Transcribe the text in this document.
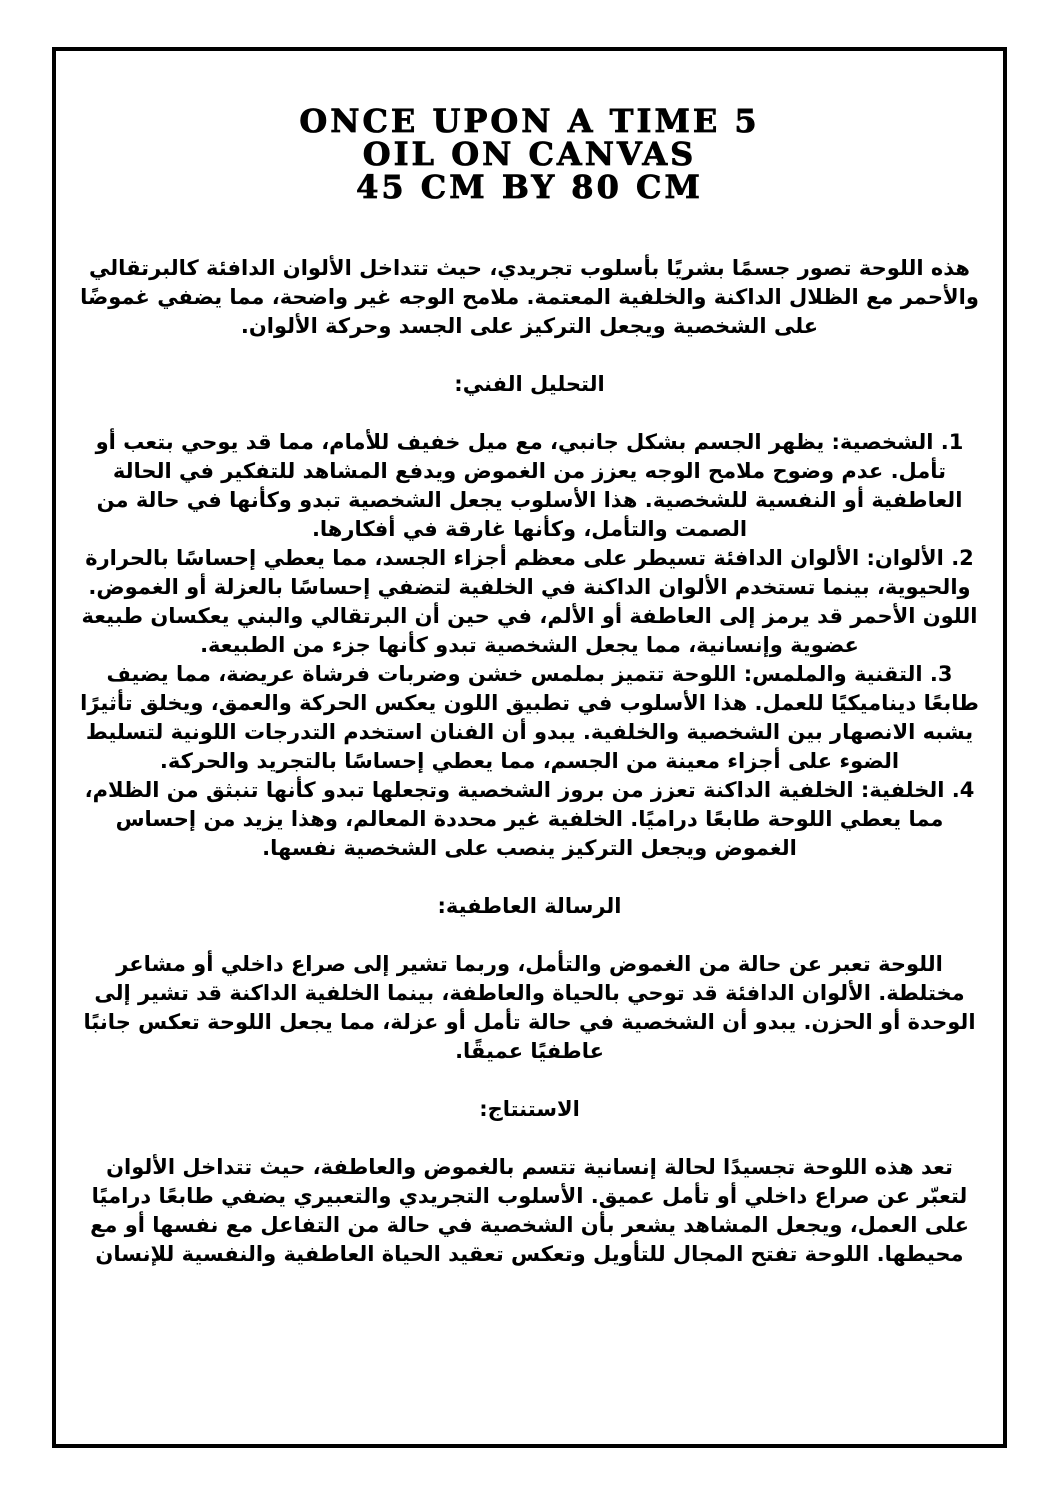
ONCE UPON A TIME 5
OIL ON CANVAS
45 CM BY 80 CM

هذه اللوحة تصور جسمًا بشريًا بأسلوب تجريدي، حيث تتداخل الألوان الدافئة كالبرتقالي والأحمر مع الظلال الداكنة والخلفية المعتمة. ملامح الوجه غير واضحة، مما يضفي غموضًا على الشخصية ويجعل التركيز على الجسد وحركة الألوان.

التحليل الفني:

1. الشخصية: يظهر الجسم بشكل جانبي، مع ميل خفيف للأمام، مما قد يوحي بتعب أو تأمل. عدم وضوح ملامح الوجه يعزز من الغموض ويدفع المشاهد للتفكير في الحالة العاطفية أو النفسية للشخصية. هذا الأسلوب يجعل الشخصية تبدو وكأنها في حالة من الصمت والتأمل، وكأنها غارقة في أفكارها.

2. الألوان: الألوان الدافئة تسيطر على معظم أجزاء الجسد، مما يعطي إحساسًا بالحرارة والحيوية، بينما تستخدم الألوان الداكنة في الخلفية لتضفي إحساسًا بالعزلة أو الغموض. اللون الأحمر قد يرمز إلى العاطفة أو الألم، في حين أن البرتقالي والبني يعكسان طبيعة عضوية وإنسانية، مما يجعل الشخصية تبدو كأنها جزء من الطبيعة.

3. التقنية والملمس: اللوحة تتميز بملمس خشن وضربات فرشاة عريضة، مما يضيف طابعًا ديناميكيًا للعمل. هذا الأسلوب في تطبيق اللون يعكس الحركة والعمق، ويخلق تأثيرًا يشبه الانصهار بين الشخصية والخلفية. يبدو أن الفنان استخدم التدرجات اللونية لتسليط الضوء على أجزاء معينة من الجسم، مما يعطي إحساسًا بالتجريد والحركة.

4. الخلفية: الخلفية الداكنة تعزز من بروز الشخصية وتجعلها تبدو كأنها تنبثق من الظلام، مما يعطي اللوحة طابعًا دراميًا. الخلفية غير محددة المعالم، وهذا يزيد من إحساس الغموض ويجعل التركيز ينصب على الشخصية نفسها.

الرسالة العاطفية:

اللوحة تعبر عن حالة من الغموض والتأمل، وربما تشير إلى صراع داخلي أو مشاعر مختلطة. الألوان الدافئة قد توحي بالحياة والعاطفة، بينما الخلفية الداكنة قد تشير إلى الوحدة أو الحزن. يبدو أن الشخصية في حالة تأمل أو عزلة، مما يجعل اللوحة تعكس جانبًا عاطفيًا عميقًا.

الاستنتاج:

تعد هذه اللوحة تجسيدًا لحالة إنسانية تتسم بالغموض والعاطفة، حيث تتداخل الألوان لتعبّر عن صراع داخلي أو تأمل عميق. الأسلوب التجريدي والتعبيري يضفي طابعًا دراميًا على العمل، ويجعل المشاهد يشعر بأن الشخصية في حالة من التفاعل مع نفسها أو مع محيطها. اللوحة تفتح المجال للتأويل وتعكس تعقيد الحياة العاطفية والنفسية للإنسان
